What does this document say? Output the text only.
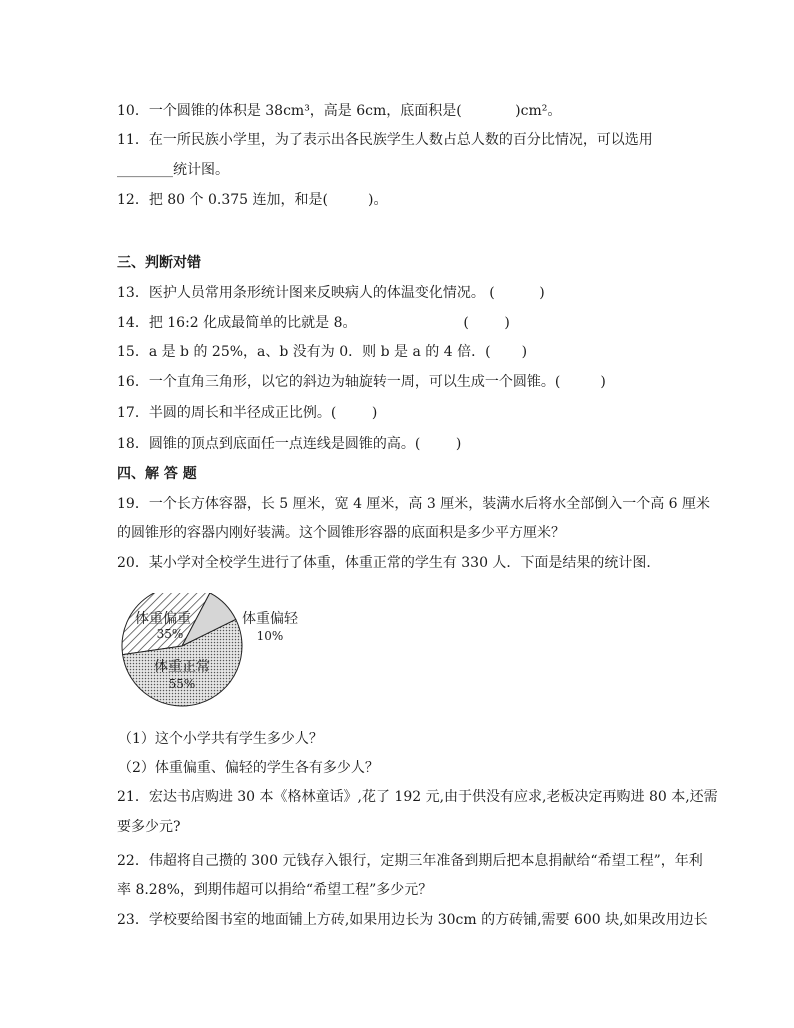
10．一个圆锥的体积是 38cm³，高是 6cm，底面积是(            )cm²。
11．在一所民族小学里，为了表示出各民族学生人数占总人数的百分比情况，可以选用
________统计图。
12．把 80 个 0.375 连加，和是(         )。
三、判断对错
13．医护人员常用条形统计图来反映病人的体温变化情况。 (          )
14．把 16:2 化成最简单的比就是 8。                        (        )
15．a 是 b 的 25%，a、b 没有为 0．则 b 是 a 的 4 倍．(       )
16．一个直角三角形，以它的斜边为轴旋转一周，可以生成一个圆锥。(         )
17．半圆的周长和半径成正比例。(        )
18．圆锥的顶点到底面任一点连线是圆锥的高。(        )
四、解 答 题
19．一个长方体容器，长 5 厘米，宽 4 厘米，高 3 厘米，装满水后将水全部倒入一个高 6 厘米
的圆锥形的容器内刚好装满。这个圆锥形容器的底面积是多少平方厘米？
20．某小学对全校学生进行了体重，体重正常的学生有 330 人．下面是结果的统计图．
体重偏重
35%
体重偏轻
10%
体重正常
55%
（1）这个小学共有学生多少人？
（2）体重偏重、偏轻的学生各有多少人？
21．宏达书店购进 30 本《格林童话》,花了 192 元,由于供没有应求,老板决定再购进 80 本,还需
要多少元?
22．伟超将自己攒的 300 元钱存入银行，定期三年准备到期后把本息捐献给“希望工程”，年利
率 8.28%，到期伟超可以捐给“希望工程”多少元？
23．学校要给图书室的地面铺上方砖,如果用边长为 30cm 的方砖铺,需要 600 块,如果改用边长
